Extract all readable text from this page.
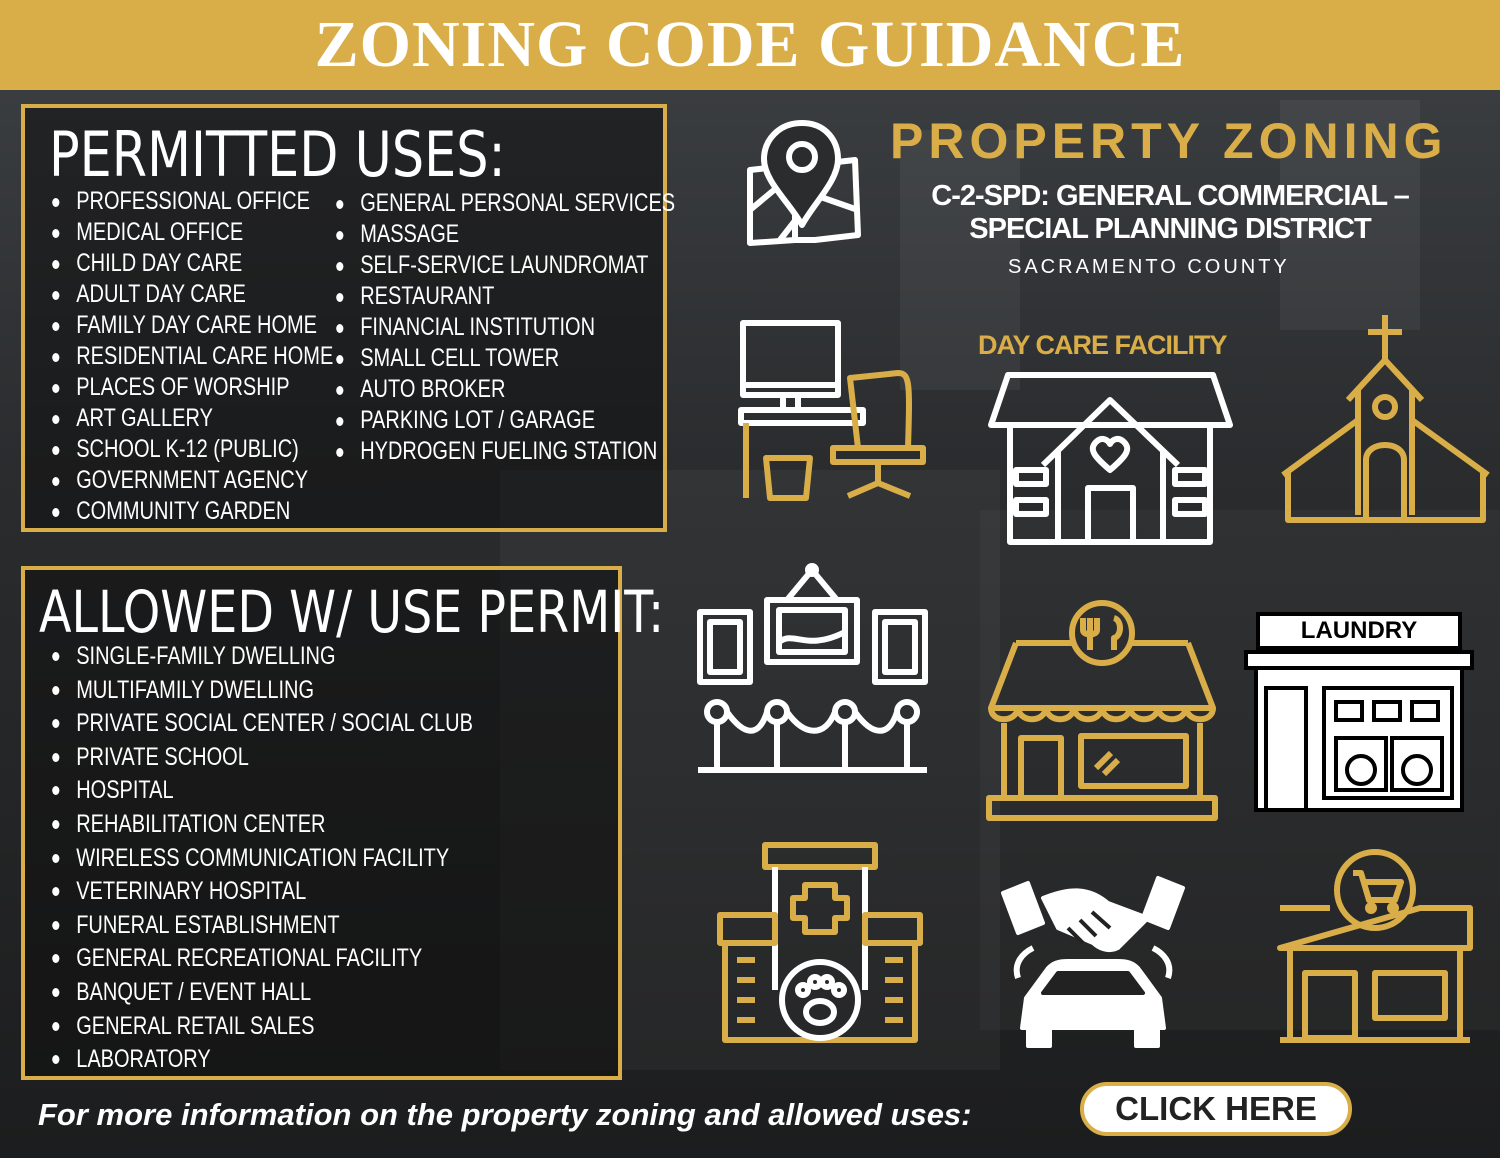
ZONING CODE GUIDANCE
PERMITTED USES:
PROFESSIONAL OFFICE
MEDICAL OFFICE
CHILD DAY CARE
ADULT DAY CARE
FAMILY DAY CARE HOME
RESIDENTIAL CARE HOME
PLACES OF WORSHIP
ART GALLERY
SCHOOL K-12 (PUBLIC)
GOVERNMENT AGENCY
COMMUNITY GARDEN
GENERAL PERSONAL SERVICES
MASSAGE
SELF-SERVICE LAUNDROMAT
RESTAURANT
FINANCIAL INSTITUTION
SMALL CELL TOWER
AUTO BROKER
PARKING LOT / GARAGE
HYDROGEN FUELING STATION
ALLOWED W/ USE PERMIT:
SINGLE-FAMILY DWELLING
MULTIFAMILY DWELLING
PRIVATE SOCIAL CENTER / SOCIAL CLUB
PRIVATE SCHOOL
HOSPITAL
REHABILITATION CENTER
WIRELESS COMMUNICATION FACILITY
VETERINARY HOSPITAL
FUNERAL ESTABLISHMENT
GENERAL RECREATIONAL FACILITY
BANQUET / EVENT HALL
GENERAL RETAIL SALES
LABORATORY
PROPERTY ZONING
C-2-SPD: GENERAL COMMERCIAL –
SPECIAL PLANNING DISTRICT
SACRAMENTO COUNTY
DAY CARE FACILITY
LAUNDRY
For more information on the property zoning and allowed uses:	CLICK HERE
